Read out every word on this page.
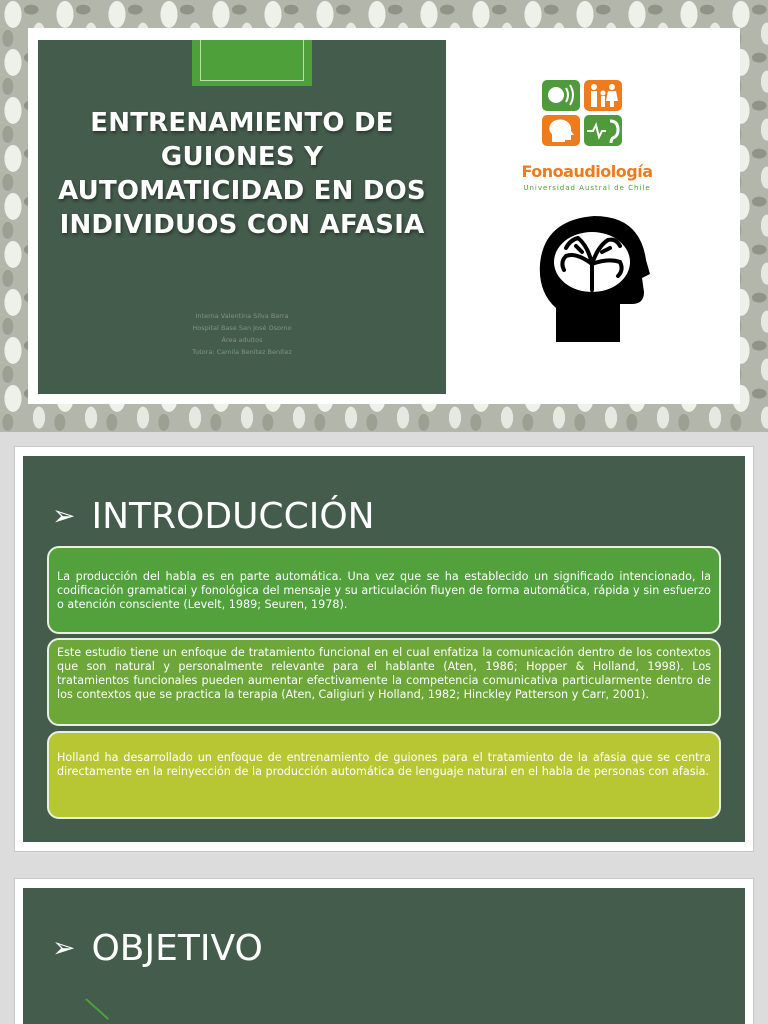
ENTRENAMIENTO DE GUIONES Y AUTOMATICIDAD EN DOS INDIVIDUOS CON AFASIA
Interna Valentina Silva Barra
Hospital Base San José Osorno
Área adultos
Tutora: Camila Benítez Benítez
Fonoaudiología
Universidad Austral de Chile
➢ INTRODUCCIÓN
La producción del habla es en parte automática. Una vez que se ha establecido un significado intencionado, la codificación gramatical y fonológica del mensaje y su articulación fluyen de forma automática, rápida y sin esfuerzo o atención consciente (Levelt, 1989; Seuren, 1978).
Este estudio tiene un enfoque de tratamiento funcional en el cual enfatiza la comunicación dentro de los contextos que son natural y personalmente relevante para el hablante (Aten, 1986; Hopper & Holland, 1998). Los tratamientos funcionales pueden aumentar efectivamente la competencia comunicativa particularmente dentro de los contextos que se practica la terapia (Aten, Caligiuri y Holland, 1982; Hinckley Patterson y Carr, 2001).
Holland ha desarrollado un enfoque de entrenamiento de guiones para el tratamiento de la afasia que se centra directamente en la reinyección de la producción automática de lenguaje natural en el habla de personas con afasia.
➢ OBJETIVO
